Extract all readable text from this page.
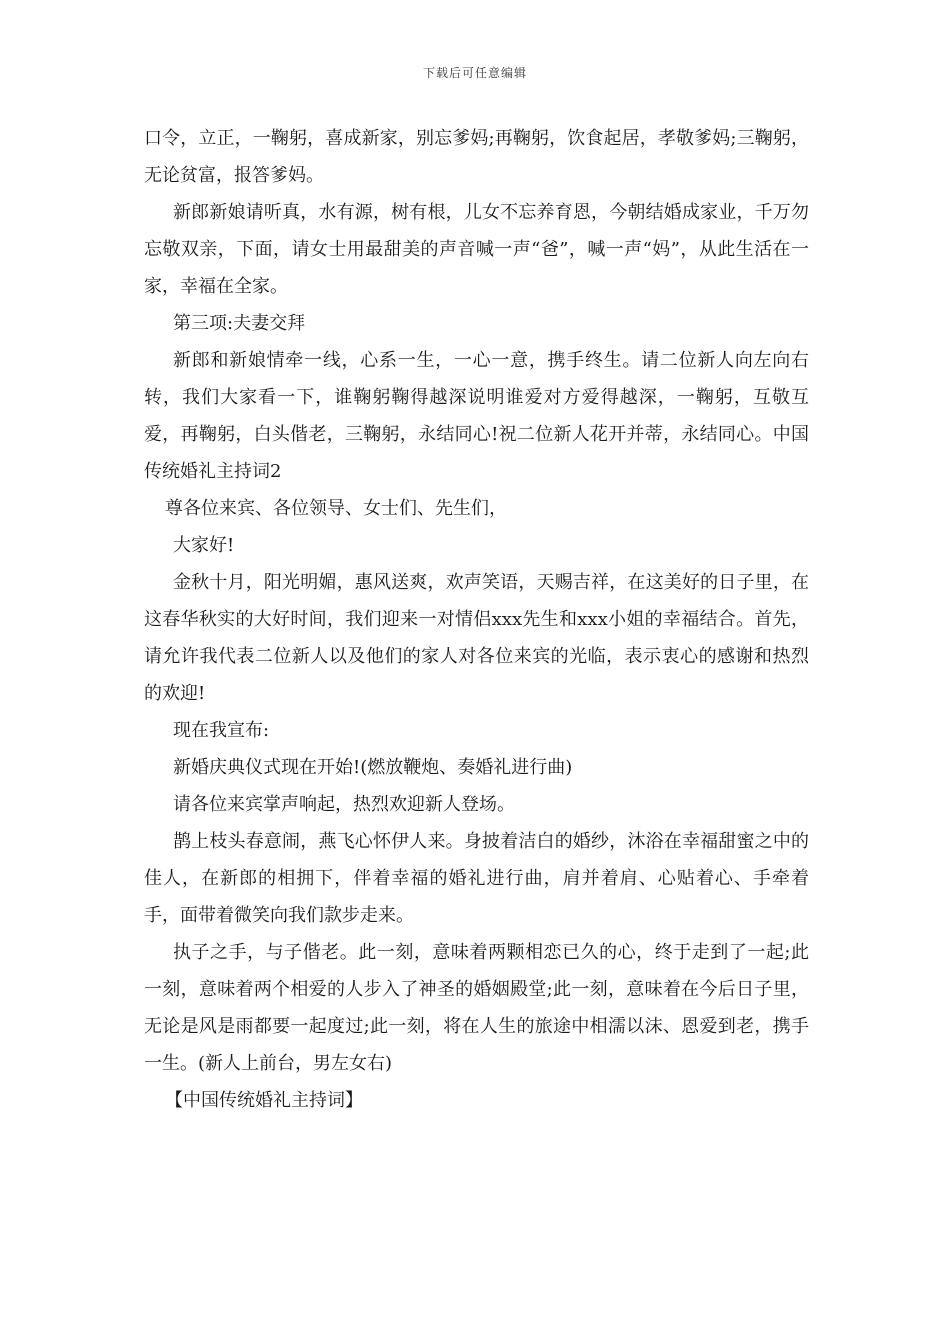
下载后可任意编辑

口令，立正，一鞠躬，喜成新家，别忘爹妈;再鞠躬，饮食起居，孝敬爹妈;三鞠躬，无论贫富，报答爹妈。

新郎新娘请听真，水有源，树有根，儿女不忘养育恩，今朝结婚成家业，千万勿忘敬双亲，下面，请女士用最甜美的声音喊一声“爸”，喊一声“妈”，从此生活在一家，幸福在全家。

第三项:夫妻交拜

新郎和新娘情牵一线，心系一生，一心一意，携手终生。请二位新人向左向右转，我们大家看一下，谁鞠躬鞠得越深说明谁爱对方爱得越深，一鞠躬，互敬互爱，再鞠躬，白头偕老，三鞠躬，永结同心!祝二位新人花开并蒂，永结同心。中国传统婚礼主持词2

尊各位来宾、各位领导、女士们、先生们，

大家好!

金秋十月，阳光明媚，惠风送爽，欢声笑语，天赐吉祥，在这美好的日子里，在这春华秋实的大好时间，我们迎来一对情侣xxx先生和xxx小姐的幸福结合。首先，请允许我代表二位新人以及他们的家人对各位来宾的光临，表示衷心的感谢和热烈的欢迎!

现在我宣布:

新婚庆典仪式现在开始!(燃放鞭炮、奏婚礼进行曲)

请各位来宾掌声响起，热烈欢迎新人登场。

鹊上枝头春意闹，燕飞心怀伊人来。身披着洁白的婚纱，沐浴在幸福甜蜜之中的佳人，在新郎的相拥下，伴着幸福的婚礼进行曲，肩并着肩、心贴着心、手牵着手，面带着微笑向我们款步走来。

执子之手，与子偕老。此一刻，意味着两颗相恋已久的心，终于走到了一起;此一刻，意味着两个相爱的人步入了神圣的婚姻殿堂;此一刻，意味着在今后日子里，无论是风是雨都要一起度过;此一刻，将在人生的旅途中相濡以沫、恩爱到老，携手一生。(新人上前台，男左女右)

【中国传统婚礼主持词】
